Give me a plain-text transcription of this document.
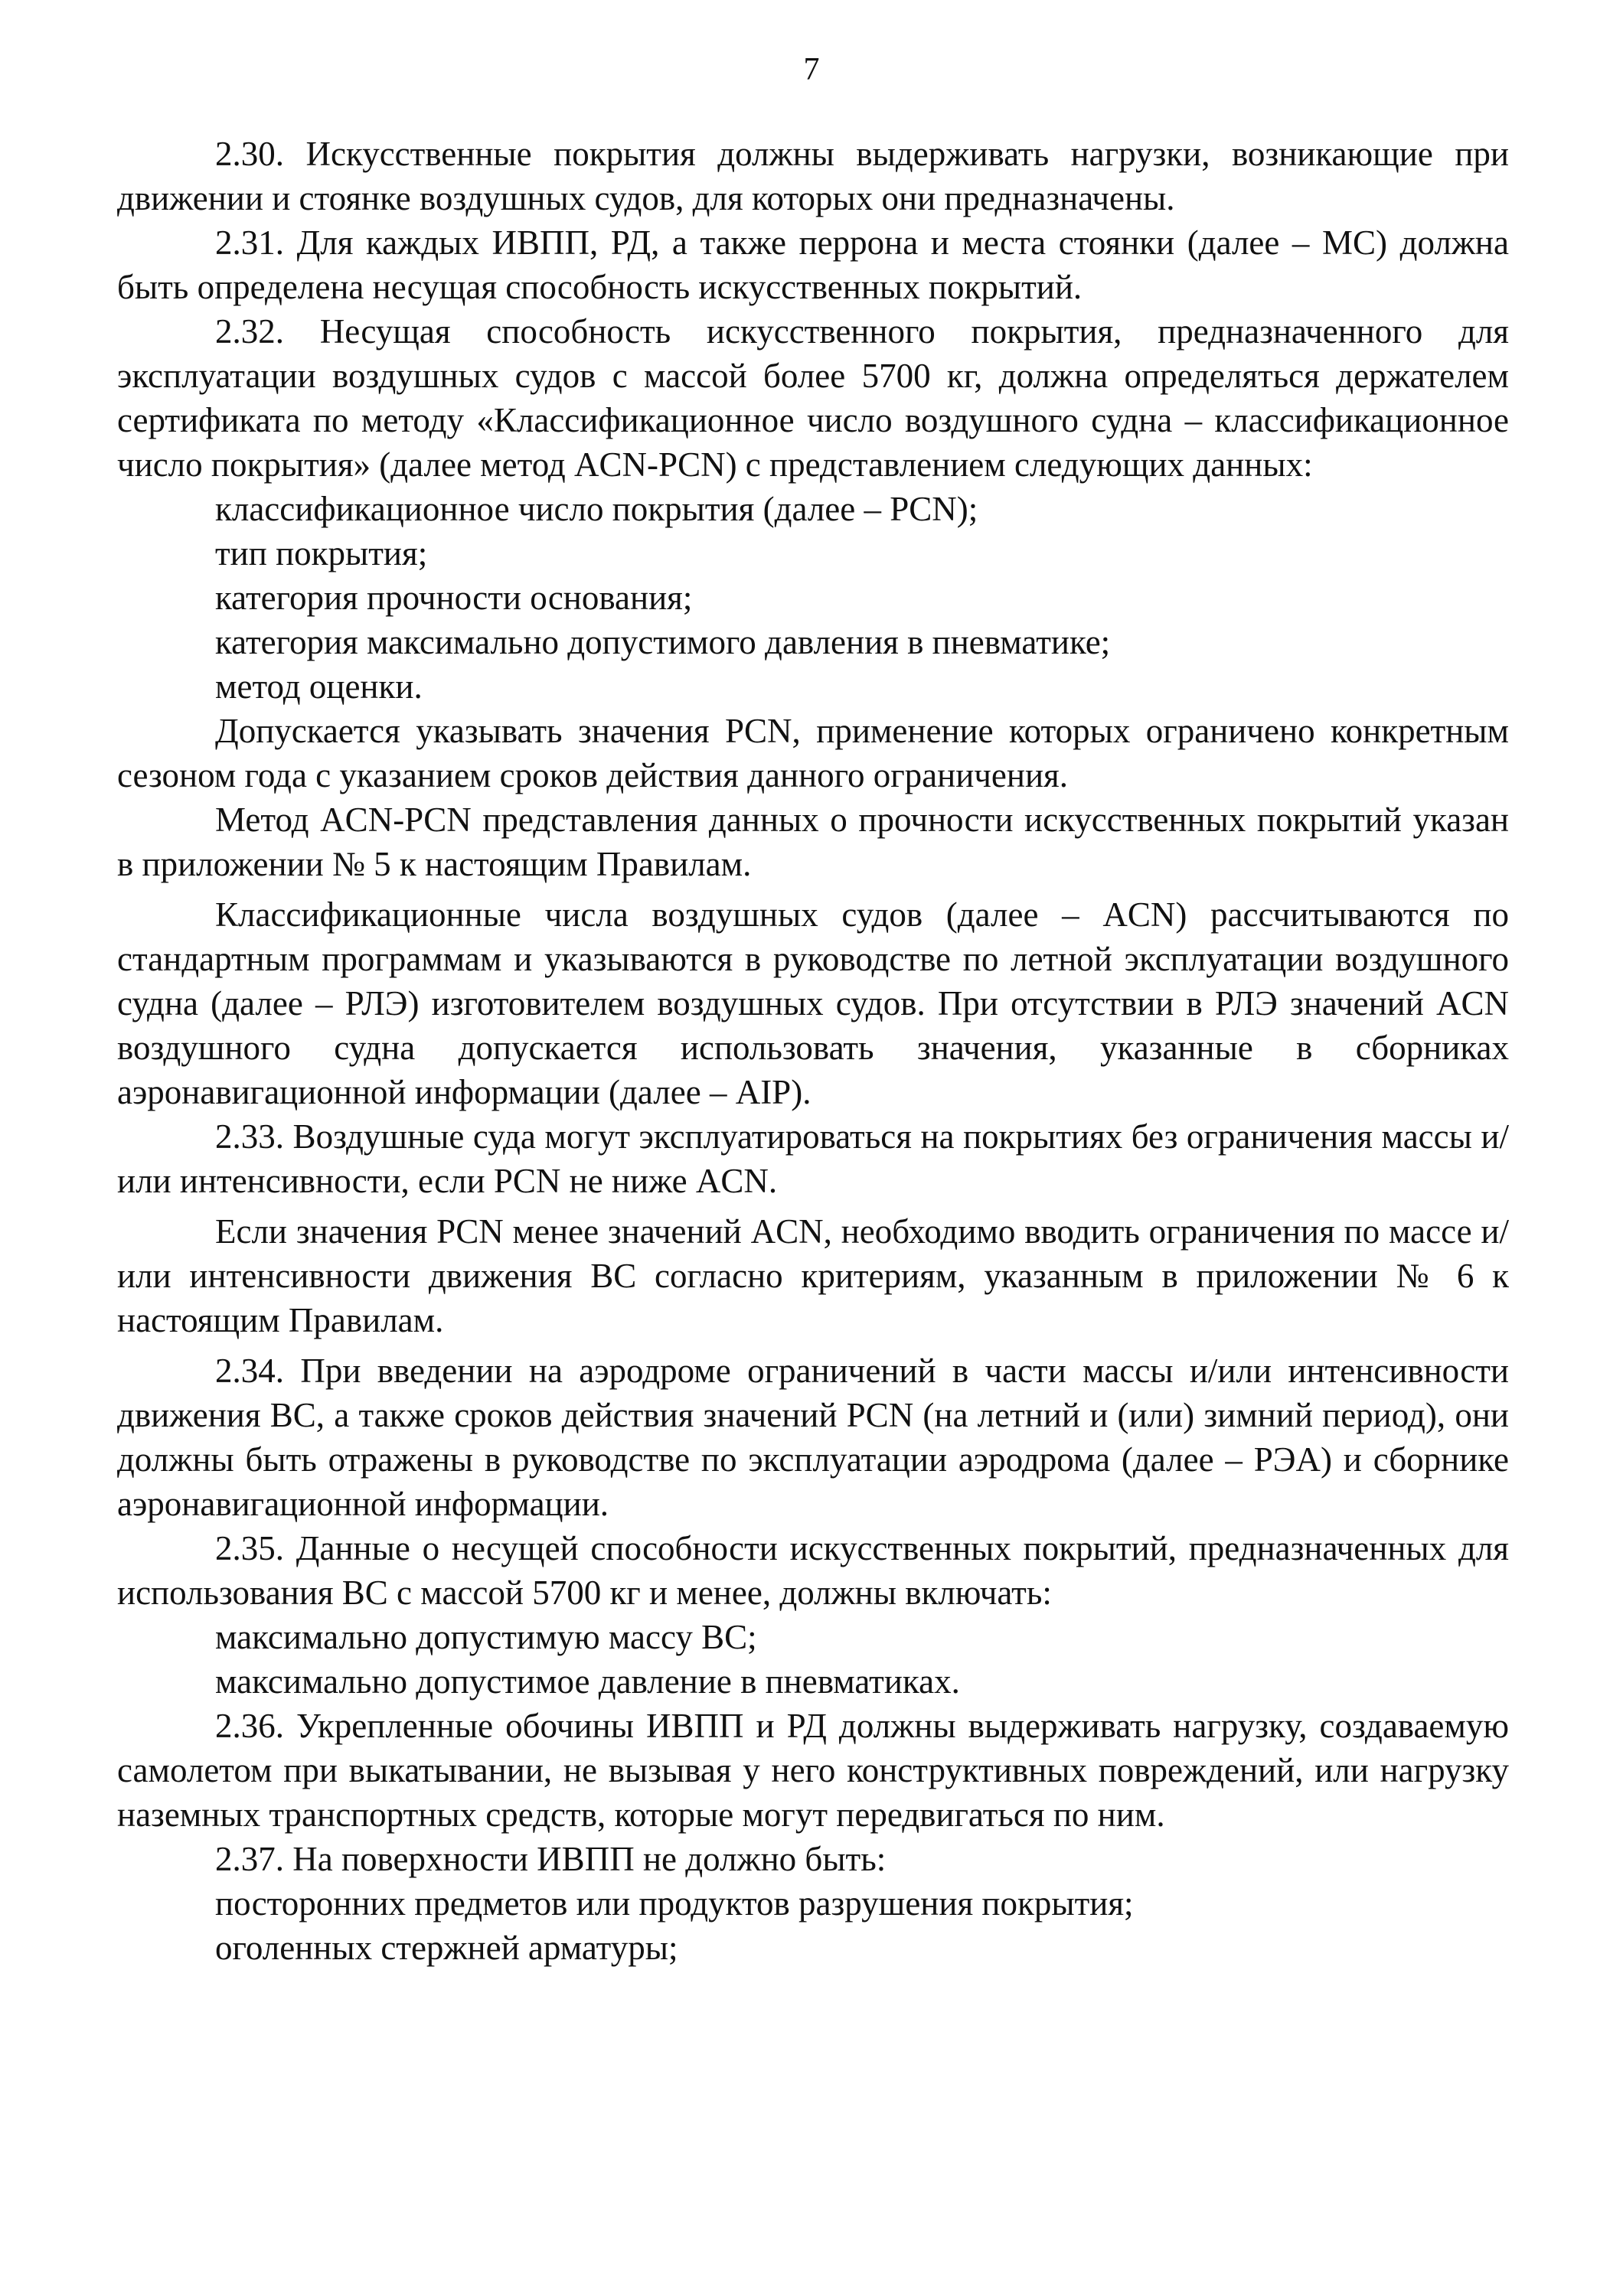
7

2.30. Искусственные покрытия должны выдерживать нагрузки, возникающие при движении и стоянке воздушных судов, для которых они предназначены.

2.31. Для каждых ИВПП, РД, а также перрона и места стоянки (далее – МС) должна быть определена несущая способность искусственных покрытий.

2.32. Несущая способность искусственного покрытия, предназначенного для эксплуатации воздушных судов с массой более 5700 кг, должна определяться держателем сертификата по методу «Классификационное число воздушного судна – классификационное число покрытия» (далее метод ACN-PCN) с представлением следующих данных:

классификационное число покрытия (далее – PCN);

тип покрытия;

категория прочности основания;

категория максимально допустимого давления в пневматике;

метод оценки.

Допускается указывать значения PCN, применение которых ограничено конкретным сезоном года с указанием сроков действия данного ограничения.

Метод ACN-PCN представления данных о прочности искусственных покрытий указан в приложении № 5 к настоящим Правилам.

Классификационные числа воздушных судов (далее – ACN) рассчитываются по стандартным программам и указываются в руководстве по летной эксплуатации воздушного судна (далее – РЛЭ) изготовителем воздушных судов. При отсутствии в РЛЭ значений ACN воздушного судна допускается использовать значения, указанные в сборниках аэронавигационной информации (далее – AIP).

2.33. Воздушные суда могут эксплуатироваться на покрытиях без ограничения массы и/или интенсивности, если PCN не ниже ACN.

Если значения PCN менее значений ACN, необходимо вводить ограничения по массе и/или интенсивности движения ВС согласно критериям, указанным в приложении № 6 к настоящим Правилам.

2.34. При введении на аэродроме ограничений в части массы и/или интенсивности движения ВС, а также сроков действия значений PCN (на летний и (или) зимний период), они должны быть отражены в руководстве по эксплуатации аэродрома (далее – РЭА) и сборнике аэронавигационной информации.

2.35. Данные о несущей способности искусственных покрытий, предназначенных для использования ВС с массой 5700 кг и менее, должны включать:

максимально допустимую массу ВС;

максимально допустимое давление в пневматиках.

2.36. Укрепленные обочины ИВПП и РД должны выдерживать нагрузку, создаваемую самолетом при выкатывании, не вызывая у него конструктивных повреждений, или нагрузку наземных транспортных средств, которые могут передвигаться по ним.

2.37. На поверхности ИВПП не должно быть:

посторонних предметов или продуктов разрушения покрытия;

оголенных стержней арматуры;
